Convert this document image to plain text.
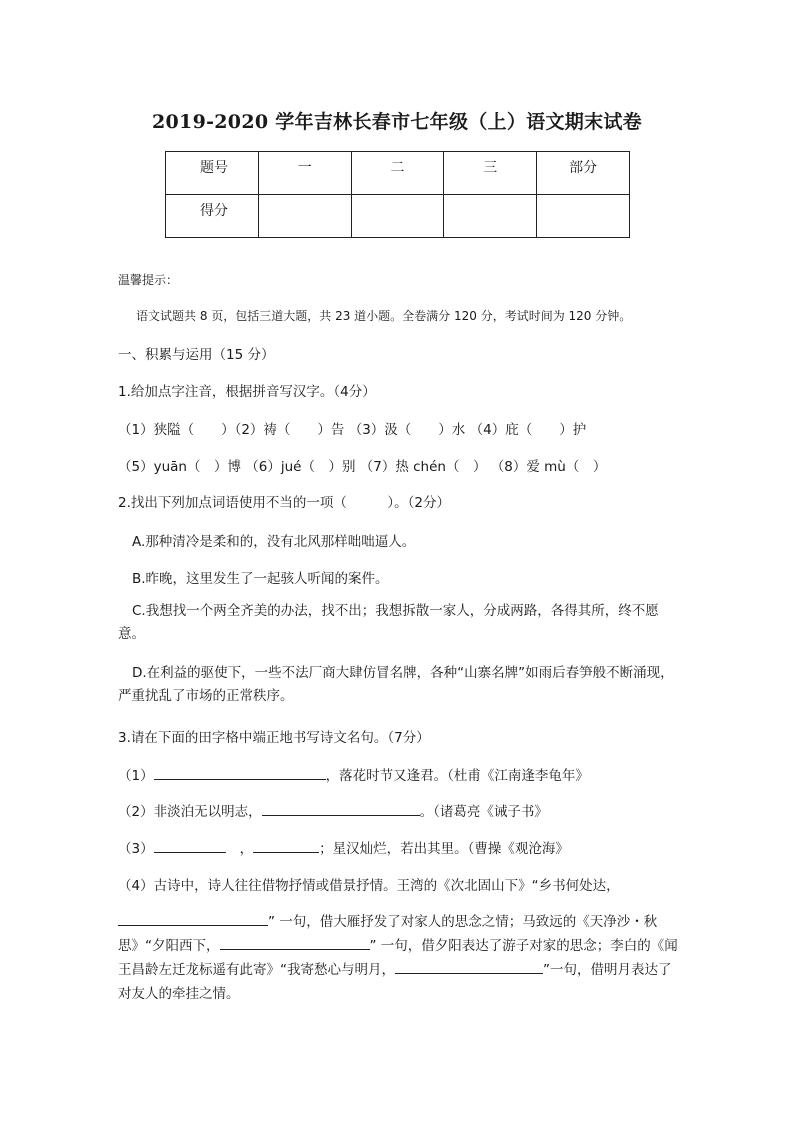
2019-2020 学年吉林长春市七年级（上）语文期末试卷
题号	一	二	三	部分
得分				
温馨提示：
语文试题共 8 页，包括三道大题，共 23 道小题。全卷满分 120 分，考试时间为 120 分钟。
一、积累与运用（15 分）
1.给加点字注音，根据拼音写汉字。（4分）
（1）狭隘（　　）（2）祷（　　）告 （3）汲（　　）水 （4）庇（　　）护
（5）yuān（　）博 （6）jué（　）别 （7）热 chén（　） （8）爱 mù（　）
2.找出下列加点词语使用不当的一项（　　　）。（2分）
A.那种清冷是柔和的，没有北风那样咄咄逼人。
B.昨晚，这里发生了一起骇人听闻的案件。
C.我想找一个两全齐美的办法，找不出；我想拆散一家人，分成两路，各得其所，终不愿意。
D.在利益的驱使下，一些不法厂商大肆仿冒名牌，各种“山寨名牌”如雨后春笋般不断涌现，严重扰乱了市场的正常秩序。
3.请在下面的田字格中端正地书写诗文名句。（7分）
（1）	，落花时节又逢君。（杜甫《江南逢李龟年》
（2）非淡泊无以明志，	。（诸葛亮《诫子书》
（3）	，	；星汉灿烂，若出其里。（曹操《观沧海》
（4）古诗中，诗人往往借物抒情或借景抒情。王湾的《次北固山下》“乡书何处达，
” 一句，借大雁抒发了对家人的思念之情；马致远的《天净沙・秋思》“夕阳西下，	” 一句，借夕阳表达了游子对家的思念；李白的《闻王昌龄左迁龙标遥有此寄》“我寄愁心与明月，	”一句，借明月表达了对友人的牵挂之情。
